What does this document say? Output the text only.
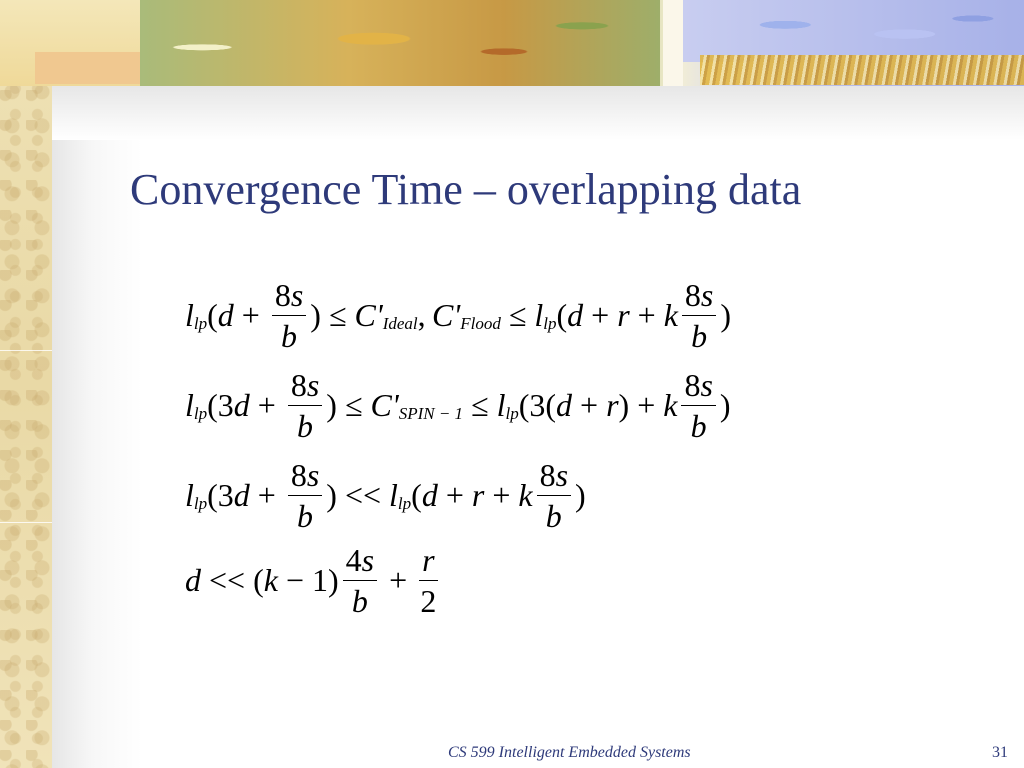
Convergence Time – overlapping data
l lp ( $d + \frac{8s}{b}$ ) ≤ C' Ideal ,  C' Flood ≤ l lp ( d + r + k $\frac{8s}{b}$ )
l lp (3 $d + \frac{8s}{b}$ ) ≤ C' SPIN − 1 ≤ l lp (3( d + r ) + k $\frac{8s}{b}$ )
l lp (3 $d + \frac{8s}{b}$ ) << l lp ( d + r + k $\frac{8s}{b}$ )
d << ( $k - 1) \frac{4s}{b} + \frac{r}{2}$
CS 599 Intelligent Embedded Systems	31
